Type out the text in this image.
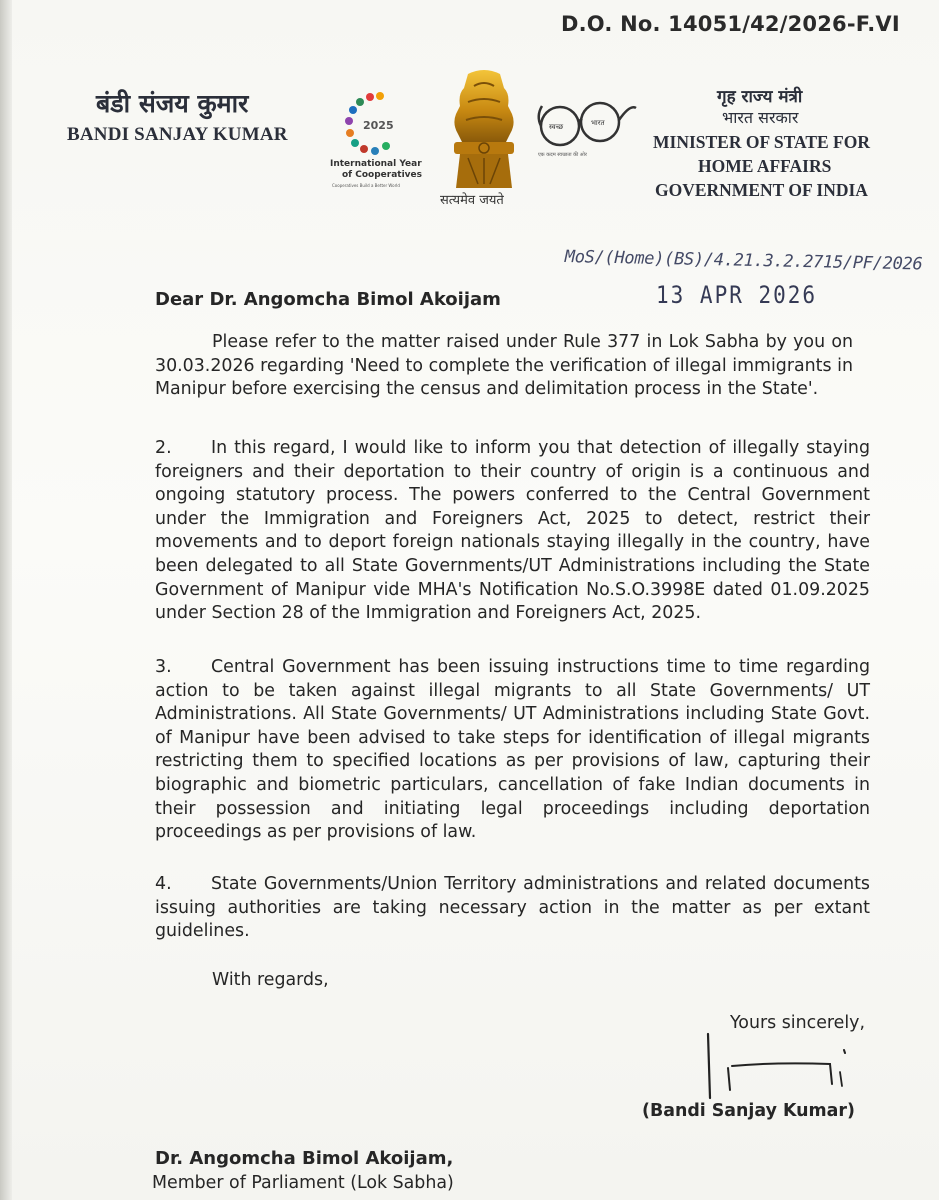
D.O. No. 14051/42/2026-F.VI
बंडी संजय कुमार
BANDI SANJAY KUMAR	2025
International Year
of Cooperatives
Cooperatives Build a Better World
सत्यमेव जयते
स्वच्छ	भारत
एक कदम स्वच्छता की ओर
गृह राज्य मंत्री
भारत सरकार
MINISTER OF STATE FOR
HOME AFFAIRS
GOVERNMENT OF INDIA
MoS/(Home)(BS)/4.21.3.2.2715/PF/2026
13 APR 2026
Dear Dr. Angomcha Bimol Akoijam
Please refer to the matter raised under Rule 377 in Lok Sabha by you on 30.03.2026 regarding 'Need to complete the verification of illegal immigrants in Manipur before exercising the census and delimitation process in the State'.
2. In this regard, I would like to inform you that detection of illegally staying foreigners and their deportation to their country of origin is a continuous and ongoing statutory process. The powers conferred to the Central Government under the Immigration and Foreigners Act, 2025 to detect, restrict their movements and to deport foreign nationals staying illegally in the country, have been delegated to all State Governments/UT Administrations including the State Government of Manipur vide MHA's Notification No.S.O.3998E dated 01.09.2025 under Section 28 of the Immigration and Foreigners Act, 2025.
3. Central Government has been issuing instructions time to time regarding action to be taken against illegal migrants to all State Governments/ UT Administrations. All State Governments/ UT Administrations including State Govt. of Manipur have been advised to take steps for identification of illegal migrants restricting them to specified locations as per provisions of law, capturing their biographic and biometric particulars, cancellation of fake Indian documents in their possession and initiating legal proceedings including deportation proceedings as per provisions of law.
4. State Governments/Union Territory administrations and related documents issuing authorities are taking necessary action in the matter as per extant guidelines.
With regards,
Yours sincerely,
(Bandi Sanjay Kumar)
Dr. Angomcha Bimol Akoijam,
Member of Parliament (Lok Sabha)
